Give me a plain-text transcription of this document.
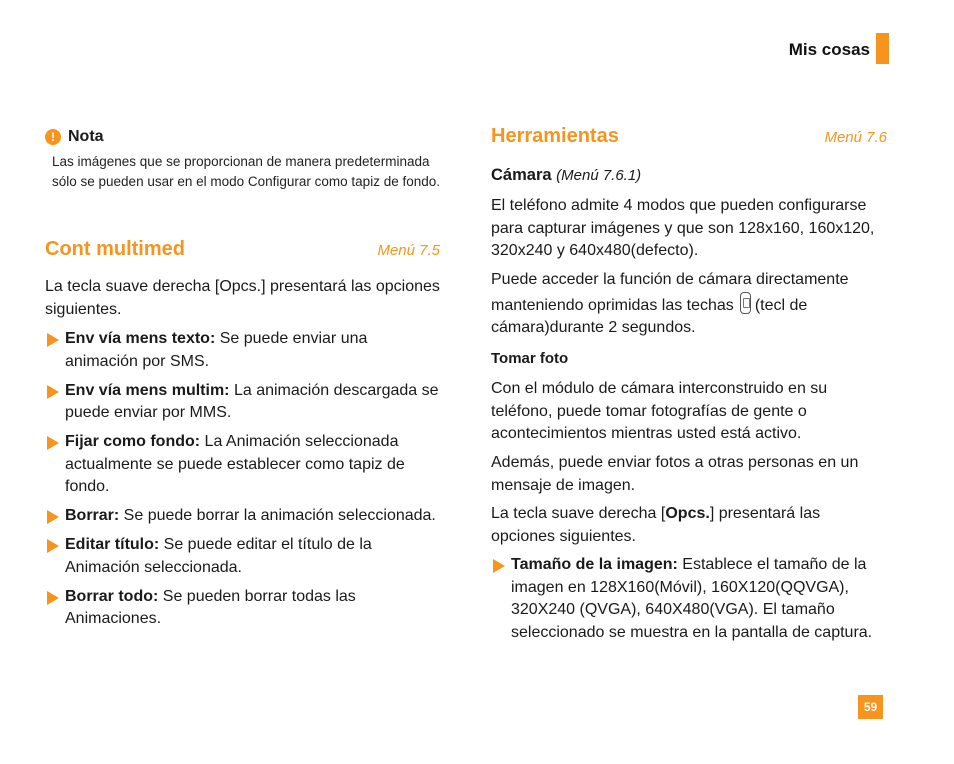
Mis cosas
! Nota
Las imágenes que se proporcionan de manera predeterminada sólo se pueden usar en el modo Configurar como tapiz de fondo.
Cont multimed	Menú 7.5
La tecla suave derecha [Opcs.] presentará las opciones siguientes.
Env vía mens texto: Se puede enviar una animación por SMS.
Env vía mens multim: La animación descargada se puede enviar por MMS.
Fijar como fondo: La Animación seleccionada actualmente se puede establecer como tapiz de fondo.
Borrar: Se puede borrar la animación seleccionada.
Editar título: Se puede editar el título de la Animación seleccionada.
Borrar todo: Se pueden borrar todas las Animaciones.
Herramientas	Menú 7.6
Cámara (Menú 7.6.1)
El teléfono admite 4 modos que pueden configurarse para capturar imágenes y que son 128x160, 160x120, 320x240 y 640x480(defecto).
Puede acceder la función de cámara directamente manteniendo oprimidas las techas (tecl de cámara)durante 2 segundos.
Tomar foto
Con el módulo de cámara interconstruido en su teléfono, puede tomar fotografías de gente o acontecimientos mientras usted está activo.
Además, puede enviar fotos a otras personas en un mensaje de imagen.
La tecla suave derecha [Opcs.] presentará las opciones siguientes.
Tamaño de la imagen: Establece el tamaño de la imagen en 128X160(Móvil), 160X120(QQVGA), 320X240 (QVGA), 640X480(VGA). El tamaño seleccionado se muestra en la pantalla de captura.
59
